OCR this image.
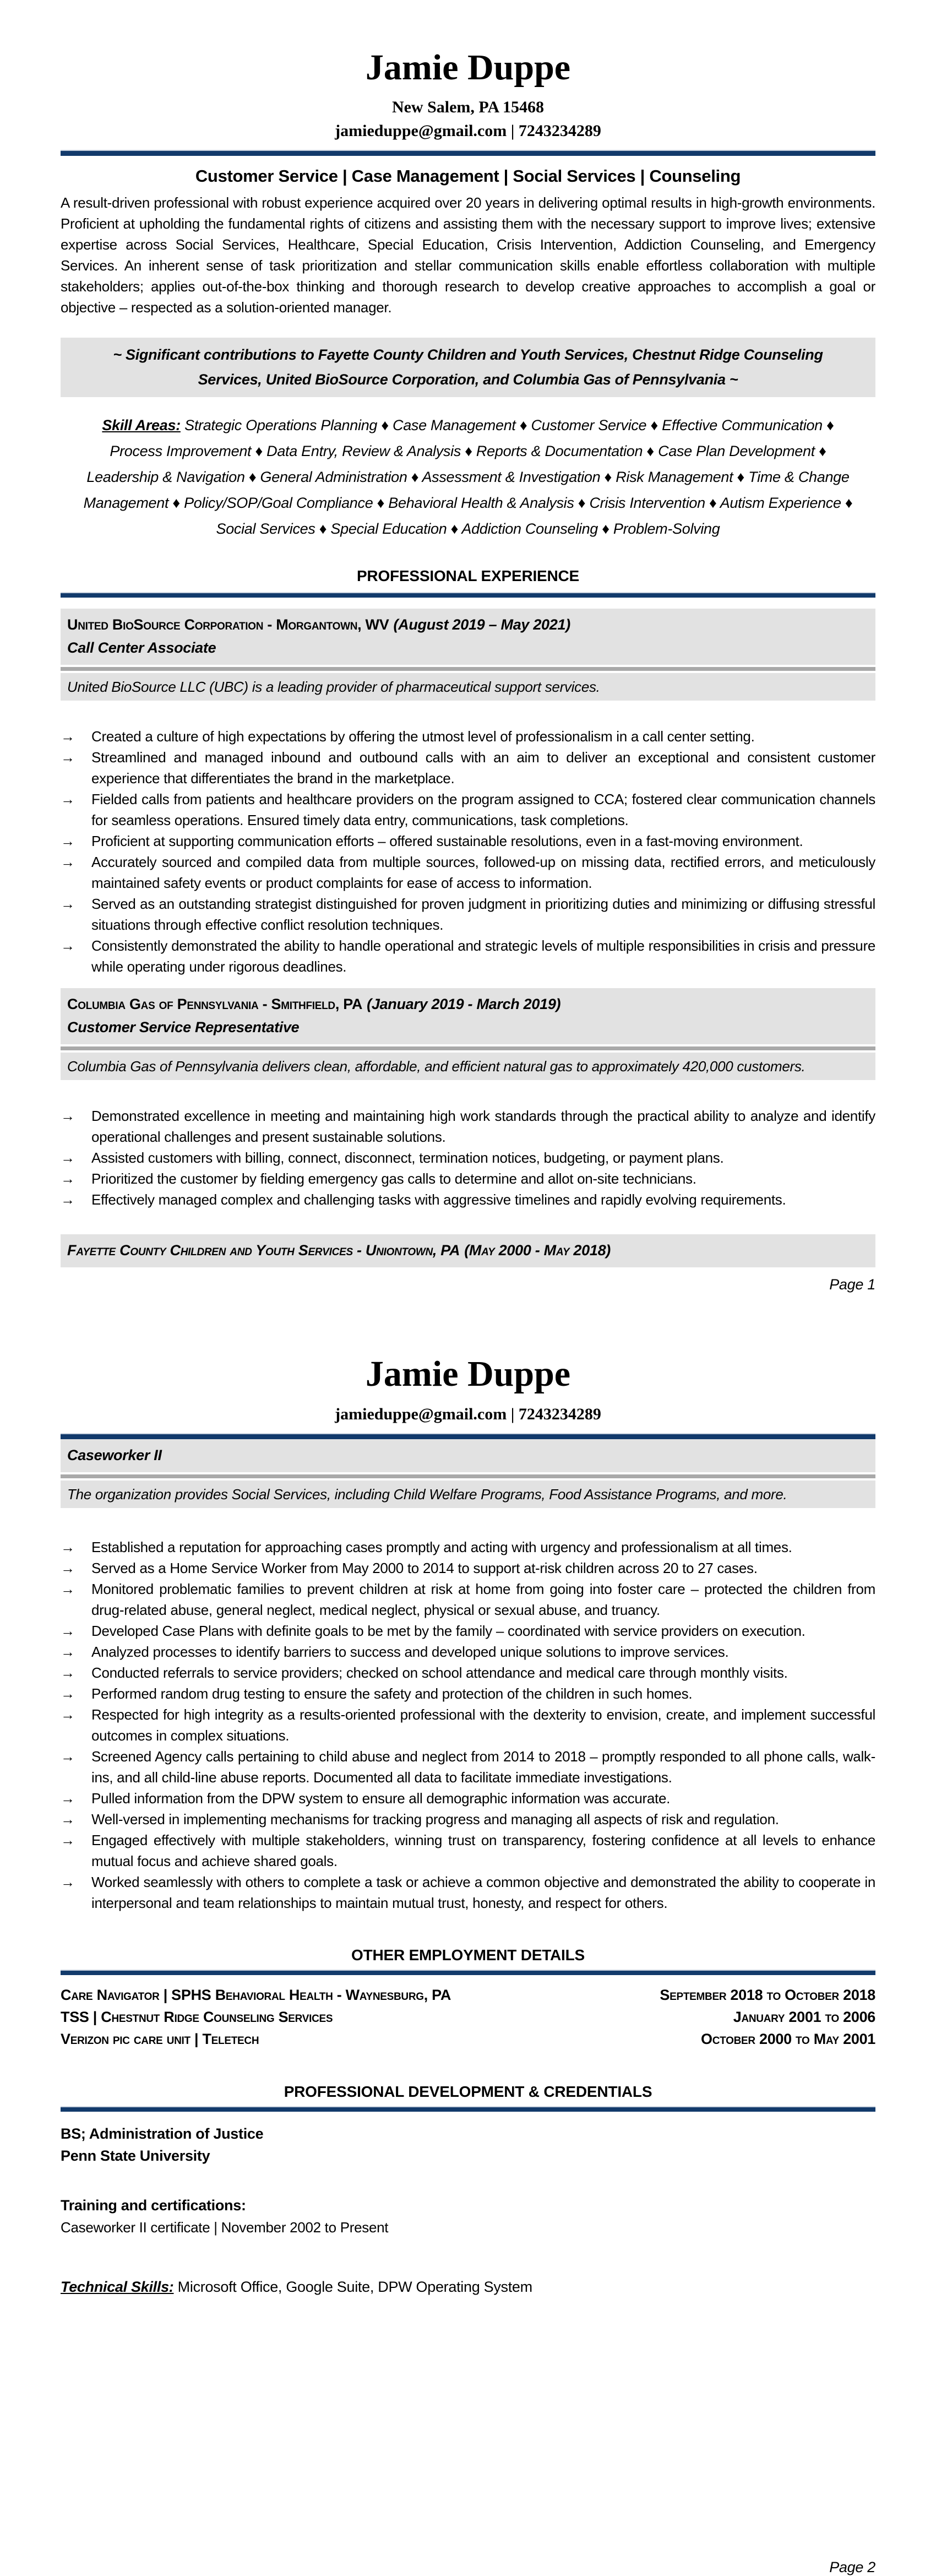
Jamie Duppe
New Salem, PA 15468
jamieduppe@gmail.com | 7243234289
Customer Service | Case Management | Social Services | Counseling

A result-driven professional with robust experience acquired over 20 years in delivering optimal results in high-growth environments. Proficient at upholding the fundamental rights of citizens and assisting them with the necessary support to improve lives; extensive expertise across Social Services, Healthcare, Special Education, Crisis Intervention, Addiction Counseling, and Emergency Services. An inherent sense of task prioritization and stellar communication skills enable effortless collaboration with multiple stakeholders; applies out-of-the-box thinking and thorough research to develop creative approaches to accomplish a goal or objective – respected as a solution-oriented manager.

~ Significant contributions to Fayette County Children and Youth Services, Chestnut Ridge Counseling Services, United BioSource Corporation, and Columbia Gas of Pennsylvania ~

Skill Areas: Strategic Operations Planning ♦ Case Management ♦ Customer Service ♦ Effective Communication ♦ Process Improvement ♦ Data Entry, Review & Analysis ♦ Reports & Documentation ♦ Case Plan Development ♦ Leadership & Navigation ♦ General Administration ♦ Assessment & Investigation ♦ Risk Management ♦ Time & Change Management ♦ Policy/SOP/Goal Compliance ♦ Behavioral Health & Analysis ♦ Crisis Intervention ♦ Autism Experience ♦ Social Services ♦ Special Education ♦ Addiction Counseling ♦ Problem-Solving

PROFESSIONAL EXPERIENCE
United BioSource Corporation - Morgantown, WV (August 2019 – May 2021)
Call Center Associate
United BioSource LLC (UBC) is a leading provider of pharmaceutical support services.
→	Created a culture of high expectations by offering the utmost level of professionalism in a call center setting.
→	Streamlined and managed inbound and outbound calls with an aim to deliver an exceptional and consistent customer experience that differentiates the brand in the marketplace.
→	Fielded calls from patients and healthcare providers on the program assigned to CCA; fostered clear communication channels for seamless operations. Ensured timely data entry, communications, task completions.
→	Proficient at supporting communication efforts – offered sustainable resolutions, even in a fast-moving environment.
→	Accurately sourced and compiled data from multiple sources, followed-up on missing data, rectified errors, and meticulously maintained safety events or product complaints for ease of access to information.
→	Served as an outstanding strategist distinguished for proven judgment in prioritizing duties and minimizing or diffusing stressful situations through effective conflict resolution techniques.
→	Consistently demonstrated the ability to handle operational and strategic levels of multiple responsibilities in crisis and pressure while operating under rigorous deadlines.
Columbia Gas of Pennsylvania - Smithfield, PA (January 2019 - March 2019)
Customer Service Representative
Columbia Gas of Pennsylvania delivers clean, affordable, and efficient natural gas to approximately 420,000 customers.
→	Demonstrated excellence in meeting and maintaining high work standards through the practical ability to analyze and identify operational challenges and present sustainable solutions.
→	Assisted customers with billing, connect, disconnect, termination notices, budgeting, or payment plans.
→	Prioritized the customer by fielding emergency gas calls to determine and allot on-site technicians.
→	Effectively managed complex and challenging tasks with aggressive timelines and rapidly evolving requirements.
Fayette County Children and Youth Services - Uniontown, PA (May 2000 - May 2018)
Page 1
Jamie Duppe
jamieduppe@gmail.com | 7243234289
Caseworker II
The organization provides Social Services, including Child Welfare Programs, Food Assistance Programs, and more.
→	Established a reputation for approaching cases promptly and acting with urgency and professionalism at all times.
→	Served as a Home Service Worker from May 2000 to 2014 to support at-risk children across 20 to 27 cases.
→	Monitored problematic families to prevent children at risk at home from going into foster care – protected the children from drug-related abuse, general neglect, medical neglect, physical or sexual abuse, and truancy.
→	Developed Case Plans with definite goals to be met by the family – coordinated with service providers on execution.
→	Analyzed processes to identify barriers to success and developed unique solutions to improve services.
→	Conducted referrals to service providers; checked on school attendance and medical care through monthly visits.
→	Performed random drug testing to ensure the safety and protection of the children in such homes.
→	Respected for high integrity as a results-oriented professional with the dexterity to envision, create, and implement successful outcomes in complex situations.
→	Screened Agency calls pertaining to child abuse and neglect from 2014 to 2018 – promptly responded to all phone calls, walk-ins, and all child-line abuse reports. Documented all data to facilitate immediate investigations.
→	Pulled information from the DPW system to ensure all demographic information was accurate.
→	Well-versed in implementing mechanisms for tracking progress and managing all aspects of risk and regulation.
→	Engaged effectively with multiple stakeholders, winning trust on transparency, fostering confidence at all levels to enhance mutual focus and achieve shared goals.
→	Worked seamlessly with others to complete a task or achieve a common objective and demonstrated the ability to cooperate in interpersonal and team relationships to maintain mutual trust, honesty, and respect for others.
OTHER EMPLOYMENT DETAILS
Care Navigator | SPHS Behavioral Health - Waynesburg, PA	September 2018 to October 2018
TSS | Chestnut Ridge Counseling Services	January 2001 to 2006
Verizon pic care unit | Teletech	October 2000 to May 2001
PROFESSIONAL DEVELOPMENT & CREDENTIALS
BS; Administration of Justice
Penn State University
Training and certifications:
Caseworker II certificate | November 2002 to Present
Technical Skills: Microsoft Office, Google Suite, DPW Operating System
Page 2
